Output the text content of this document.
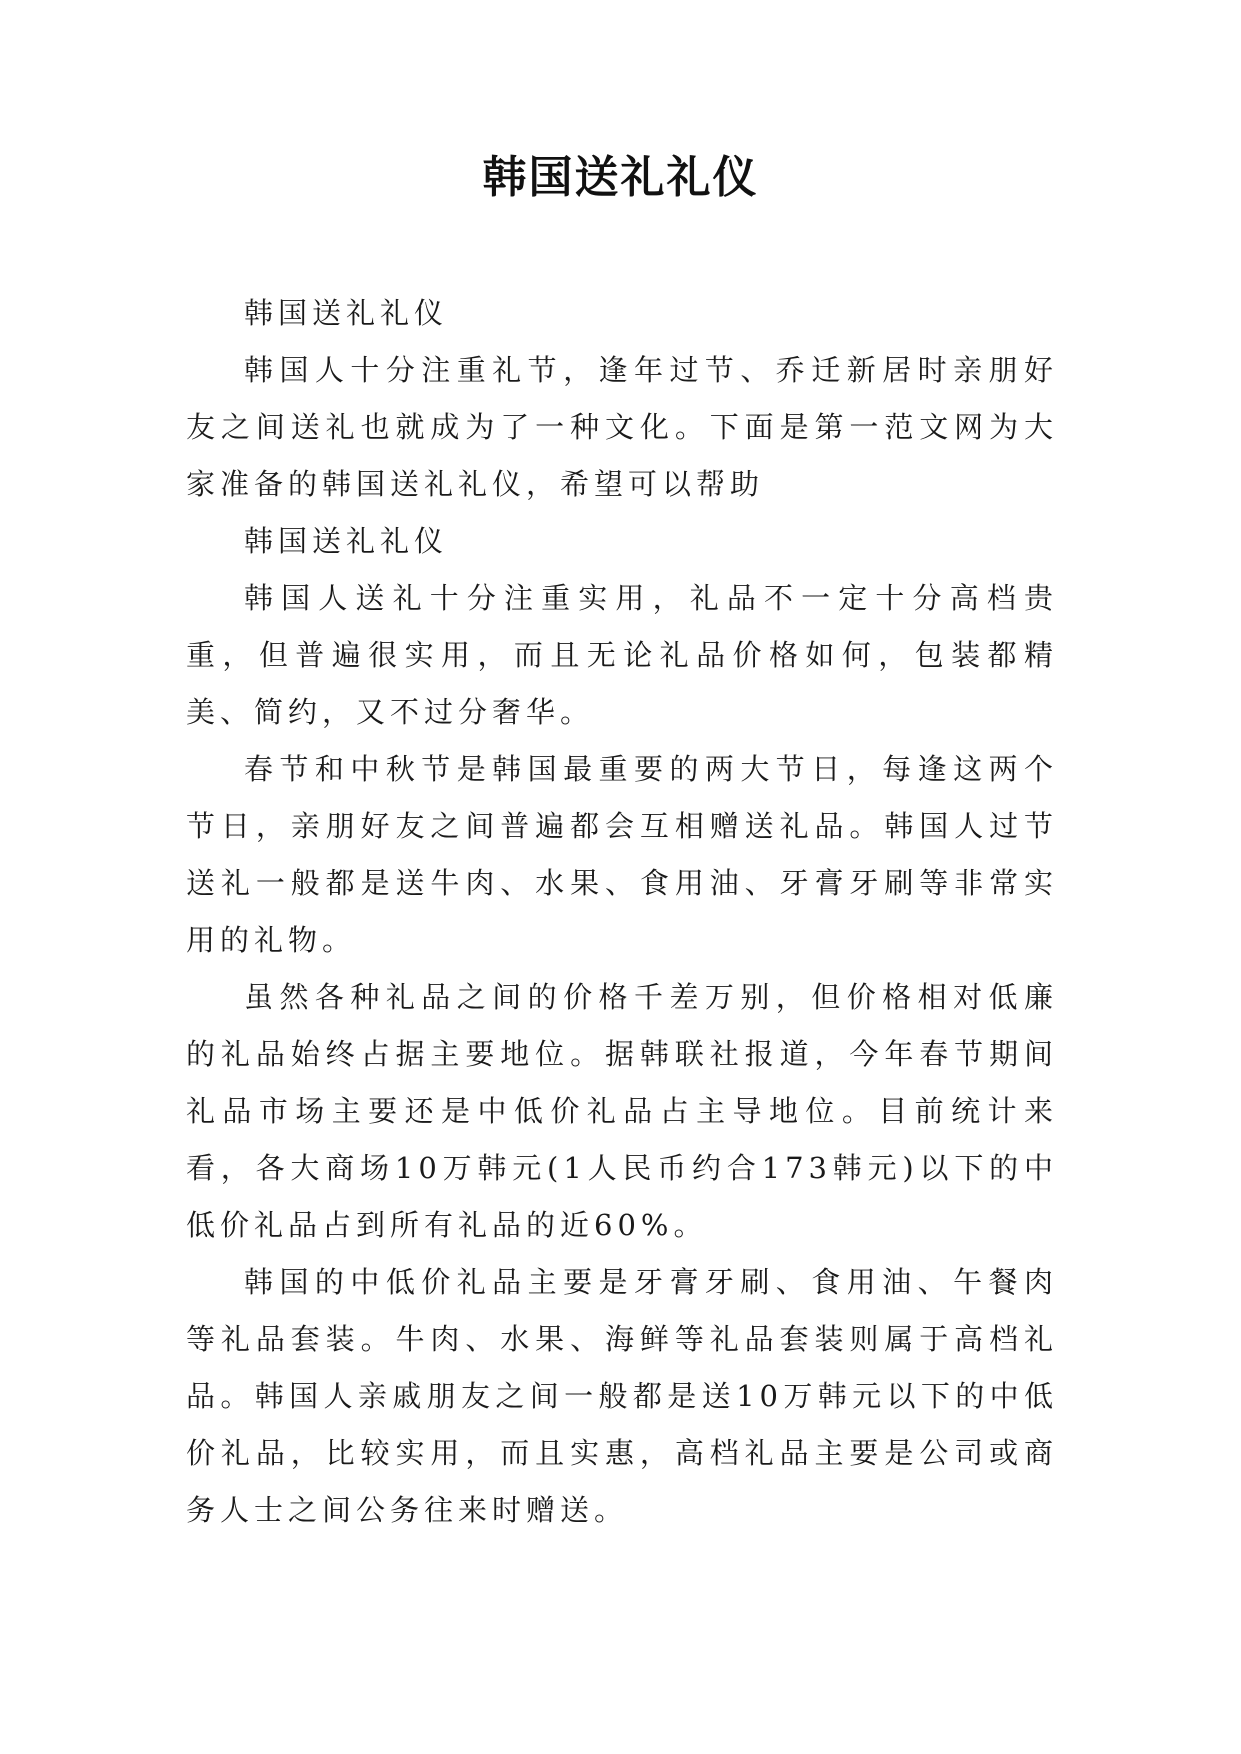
韩国送礼礼仪

韩国送礼礼仪

韩国人十分注重礼节，逢年过节、乔迁新居时亲朋好友之间送礼也就成为了一种文化。下面是第一范文网为大家准备的韩国送礼礼仪，希望可以帮助

韩国送礼礼仪

韩国人送礼十分注重实用，礼品不一定十分高档贵重，但普遍很实用，而且无论礼品价格如何，包装都精美、简约，又不过分奢华。

春节和中秋节是韩国最重要的两大节日，每逢这两个节日，亲朋好友之间普遍都会互相赠送礼品。韩国人过节送礼一般都是送牛肉、水果、食用油、牙膏牙刷等非常实用的礼物。

虽然各种礼品之间的价格千差万别，但价格相对低廉的礼品始终占据主要地位。据韩联社报道，今年春节期间礼品市场主要还是中低价礼品占主导地位。目前统计来看，各大商场10万韩元(1人民币约合173韩元)以下的中低价礼品占到所有礼品的近60%。

韩国的中低价礼品主要是牙膏牙刷、食用油、午餐肉等礼品套装。牛肉、水果、海鲜等礼品套装则属于高档礼品。韩国人亲戚朋友之间一般都是送10万韩元以下的中低价礼品，比较实用，而且实惠，高档礼品主要是公司或商务人士之间公务往来时赠送。
